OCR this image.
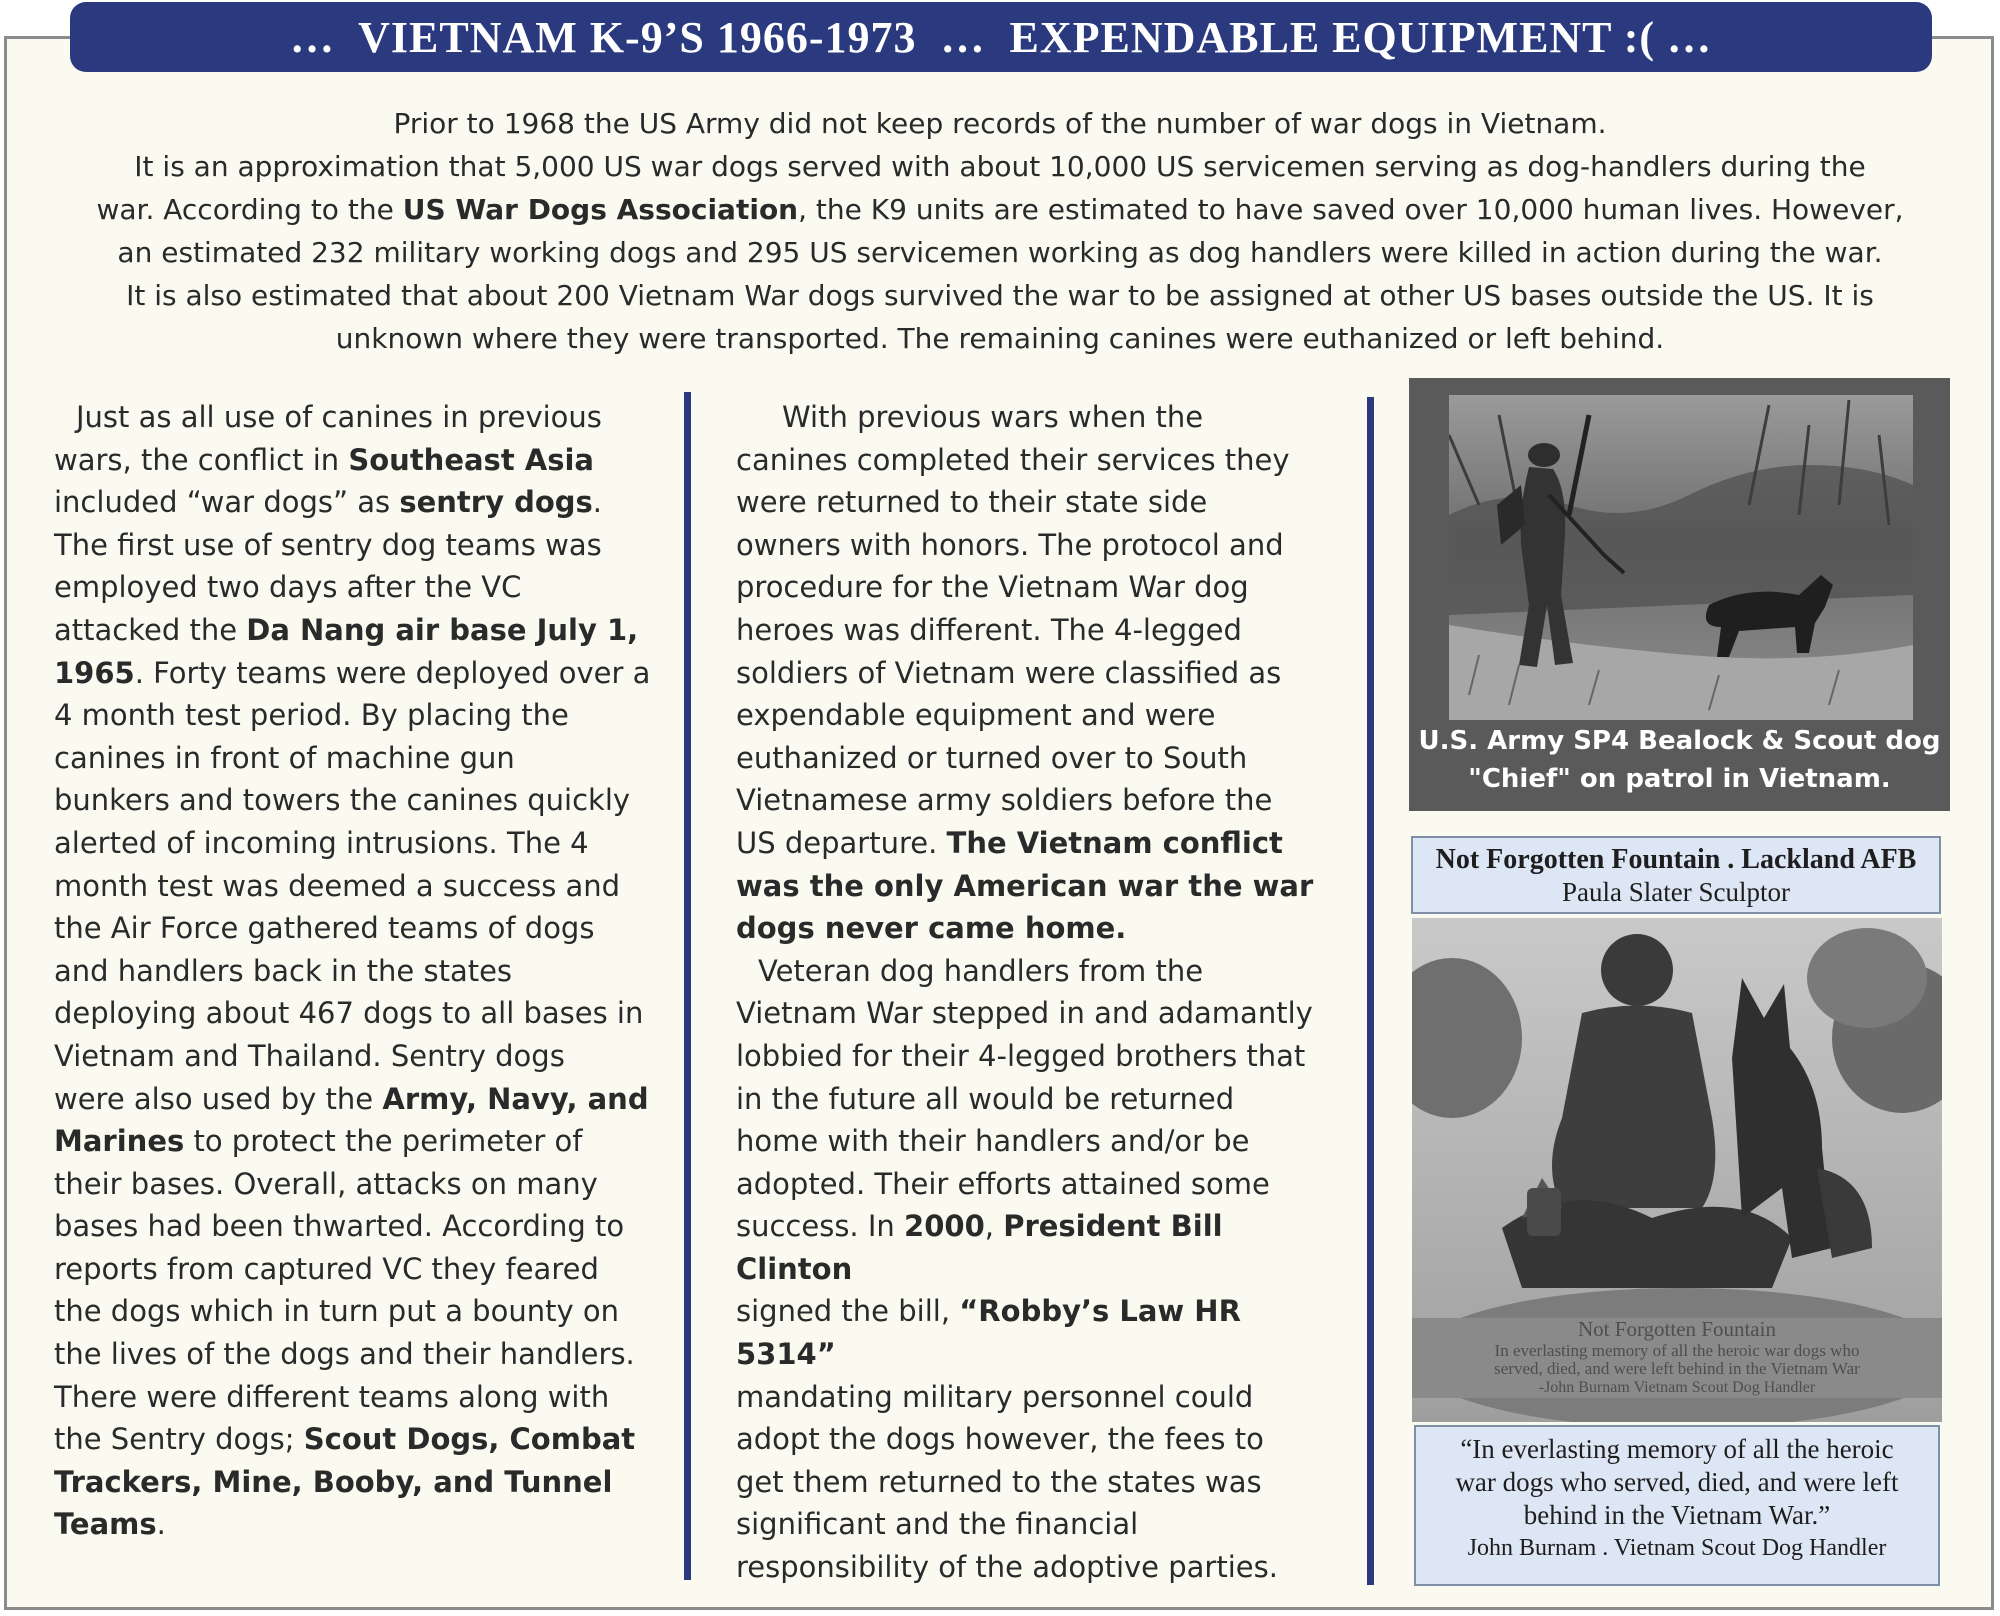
…  VIETNAM K-9’S 1966-1973  …  EXPENDABLE EQUIPMENT :( …
Prior to 1968 the US Army did not keep records of the number of war dogs in Vietnam.
It is an approximation that 5,000 US war dogs served with about 10,000 US servicemen serving as dog-handlers during the
war. According to the US War Dogs Association, the K9 units are estimated to have saved over 10,000 human lives. However,
an estimated 232 military working dogs and 295 US servicemen working as dog handlers were killed in action during the war.
It is also estimated that about 200 Vietnam War dogs survived the war to be assigned at other US bases outside the US. It is
unknown where they were transported. The remaining canines were euthanized or left behind.
Just as all use of canines in previous
wars, the conflict in Southeast Asia
included “war dogs” as sentry dogs.
The first use of sentry dog teams was
employed two days after the VC
attacked the Da Nang air base July 1,
1965. Forty teams were deployed over a
4 month test period. By placing the
canines in front of machine gun
bunkers and towers the canines quickly
alerted of incoming intrusions. The 4
month test was deemed a success and
the Air Force gathered teams of dogs
and handlers back in the states
deploying about 467 dogs to all bases in
Vietnam and Thailand. Sentry dogs
were also used by the Army, Navy, and
Marines to protect the perimeter of
their bases. Overall, attacks on many
bases had been thwarted. According to
reports from captured VC they feared
the dogs which in turn put a bounty on
the lives of the dogs and their handlers.
There were different teams along with
the Sentry dogs; Scout Dogs, Combat
Trackers, Mine, Booby, and Tunnel
Teams.
With previous wars when the
canines completed their services they
were returned to their state side
owners with honors. The protocol and
procedure for the Vietnam War dog
heroes was different. The 4-legged
soldiers of Vietnam were classified as
expendable equipment and were
euthanized or turned over to South
Vietnamese army soldiers before the
US departure. The Vietnam conflict
was the only American war the war
dogs never came home.
Veteran dog handlers from the
Vietnam War stepped in and adamantly
lobbied for their 4-legged brothers that
in the future all would be returned
home with their handlers and/or be
adopted. Their efforts attained some
success. In 2000, President Bill Clinton
signed the bill, “Robby’s Law HR 5314”
mandating military personnel could
adopt the dogs however, the fees to
get them returned to the states was
significant and the financial
responsibility of the adoptive parties.
U.S. Army SP4 Bealock & Scout dog
"Chief" on patrol in Vietnam.
Not Forgotten Fountain . Lackland AFB
Paula Slater Sculptor
Not Forgotten Fountain
In everlasting memory of all the heroic war dogs who
served, died, and were left behind in the Vietnam War
-John Burnam Vietnam Scout Dog Handler
“In everlasting memory of all the heroic
war dogs who served, died, and were left
behind in the Vietnam War.”
John Burnam . Vietnam Scout Dog Handler
